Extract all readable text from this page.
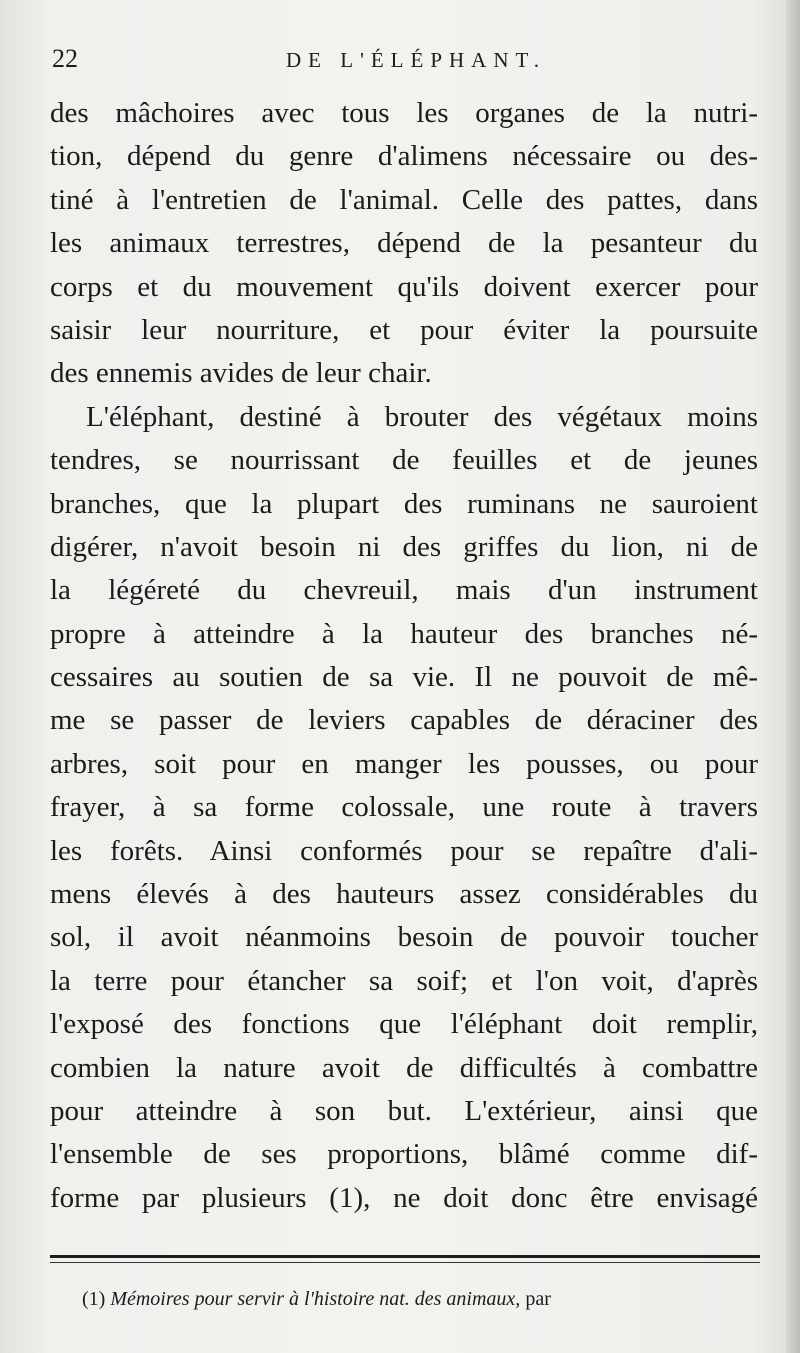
22	DE L'ÉLÉPHANT.
des mâchoires avec tous les organes de la nutri-
tion, dépend du genre d'alimens nécessaire ou des-
tiné à l'entretien de l'animal. Celle des pattes, dans
les animaux terrestres, dépend de la pesanteur du
corps et du mouvement qu'ils doivent exercer pour
saisir leur nourriture, et pour éviter la poursuite
des ennemis avides de leur chair.
L'éléphant, destiné à brouter des végétaux moins
tendres, se nourrissant de feuilles et de jeunes
branches, que la plupart des ruminans ne sauroient
digérer, n'avoit besoin ni des griffes du lion, ni de
la légéreté du chevreuil, mais d'un instrument
propre à atteindre à la hauteur des branches né-
cessaires au soutien de sa vie. Il ne pouvoit de mê-
me se passer de leviers capables de déraciner des
arbres, soit pour en manger les pousses, ou pour
frayer, à sa forme colossale, une route à travers
les forêts. Ainsi conformés pour se repaître d'ali-
mens élevés à des hauteurs assez considérables du
sol, il avoit néanmoins besoin de pouvoir toucher
la terre pour étancher sa soif; et l'on voit, d'après
l'exposé des fonctions que l'éléphant doit remplir,
combien la nature avoit de difficultés à combattre
pour atteindre à son but. L'extérieur, ainsi que
l'ensemble de ses proportions, blâmé comme dif-
forme par plusieurs (1), ne doit donc être envisagé
(1) Mémoires pour servir à l'histoire nat. des animaux, par
